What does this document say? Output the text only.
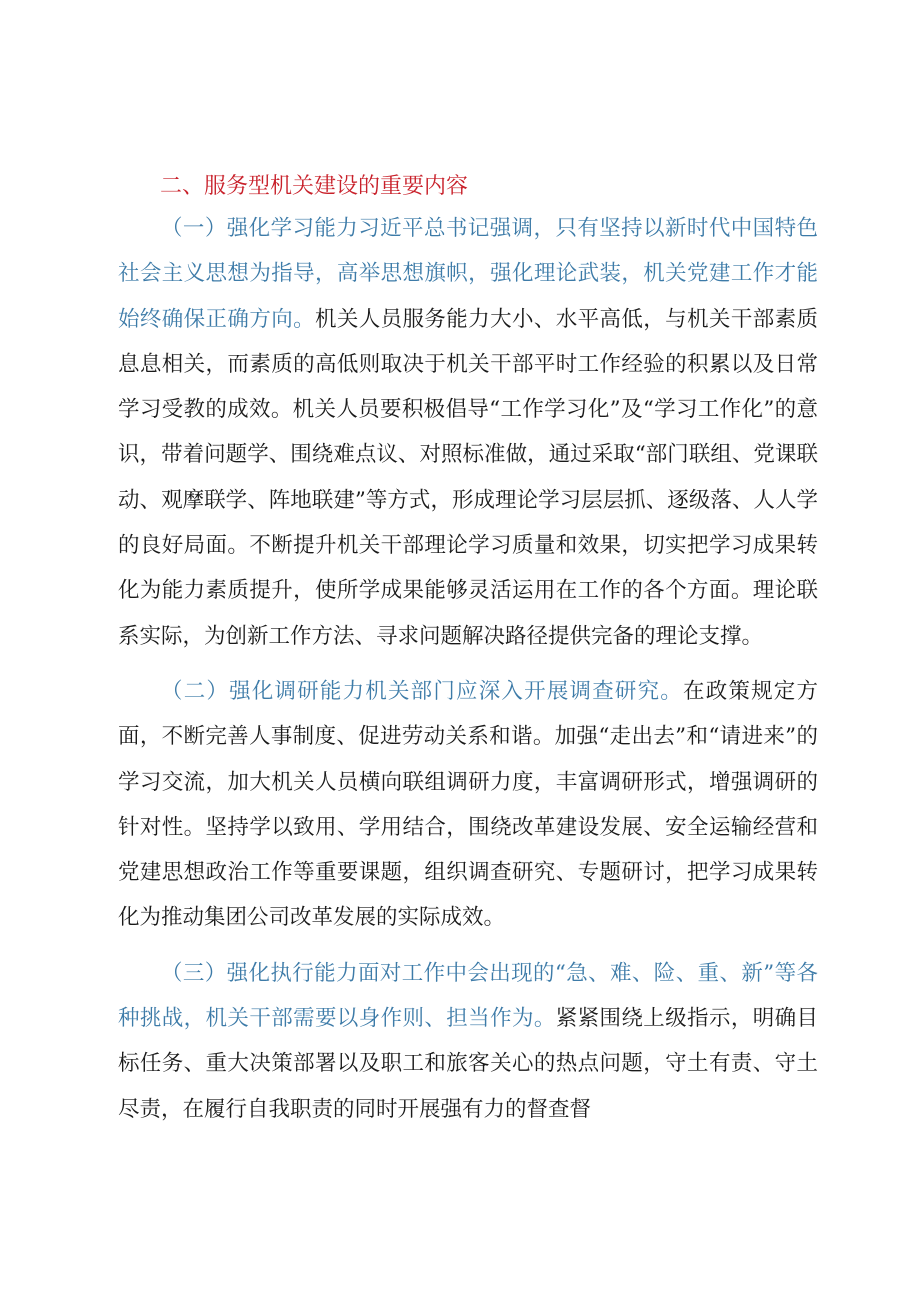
二、服务型机关建设的重要内容

（一）强化学习能力习近平总书记强调，只有坚持以新时代中国特色社会主义思想为指导，高举思想旗帜，强化理论武装，机关党建工作才能始终确保正确方向。机关人员服务能力大小、水平高低，与机关干部素质息息相关，而素质的高低则取决于机关干部平时工作经验的积累以及日常学习受教的成效。机关人员要积极倡导“工作学习化”及“学习工作化”的意识，带着问题学、围绕难点议、对照标准做，通过采取“部门联组、党课联动、观摩联学、阵地联建”等方式，形成理论学习层层抓、逐级落、人人学的良好局面。不断提升机关干部理论学习质量和效果，切实把学习成果转化为能力素质提升，使所学成果能够灵活运用在工作的各个方面。理论联系实际，为创新工作方法、寻求问题解决路径提供完备的理论支撑。

（二）强化调研能力机关部门应深入开展调查研究。在政策规定方面，不断完善人事制度、促进劳动关系和谐。加强“走出去”和“请进来”的学习交流，加大机关人员横向联组调研力度，丰富调研形式，增强调研的针对性。坚持学以致用、学用结合，围绕改革建设发展、安全运输经营和党建思想政治工作等重要课题，组织调查研究、专题研讨，把学习成果转化为推动集团公司改革发展的实际成效。

（三）强化执行能力面对工作中会出现的“急、难、险、重、新”等各种挑战，机关干部需要以身作则、担当作为。紧紧围绕上级指示，明确目标任务、重大决策部署以及职工和旅客关心的热点问题，守土有责、守土尽责，在履行自我职责的同时开展强有力的督查督
